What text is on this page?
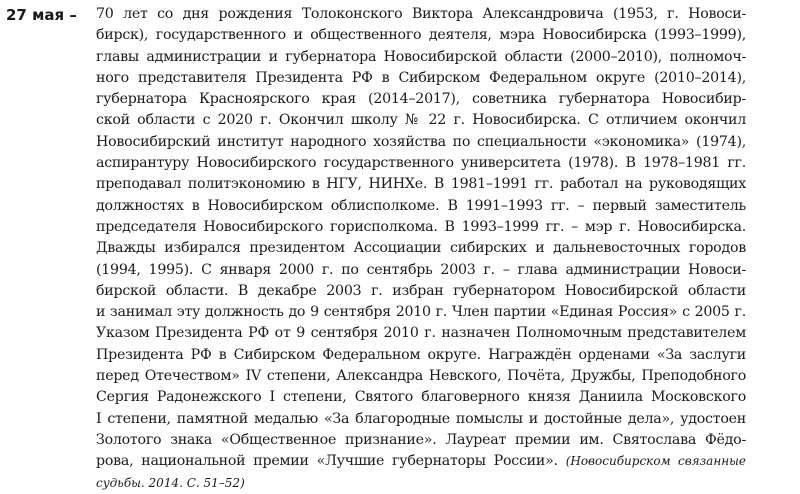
27 мая – 70 лет со дня рождения Толоконского Виктора Александровича (1953, г. Новоси-
бирск), государственного и общественного деятеля, мэра Новосибирска (1993–1999),
главы администрации и губернатора Новосибирской области (2000–2010), полномоч-
ного представителя Президента РФ в Сибирском Федеральном округе (2010–2014),
губернатора Красноярского края (2014–2017), советника губернатора Новосибир-
ской области с 2020 г. Окончил школу № 22 г. Новосибирска. С отличием окончил
Новосибирский институт народного хозяйства по специальности «экономика» (1974),
аспирантуру Новосибирского государственного университета (1978). В 1978–1981 гг.
преподавал политэкономию в НГУ, НИНХе. В 1981–1991 гг. работал на руководящих
должностях в Новосибирском облисполкоме. В 1991–1993 гг. – первый заместитель
председателя Новосибирского горисполкома. В 1993–1999 гг. – мэр г. Новосибирска.
Дважды избирался президентом Ассоциации сибирских и дальневосточных городов
(1994, 1995). С января 2000 г. по сентябрь 2003 г. – глава администрации Новоси-
бирской области. В декабре 2003 г. избран губернатором Новосибирской области
и занимал эту должность до 9 сентября 2010 г. Член партии «Единая Россия» с 2005 г.
Указом Президента РФ от 9 сентября 2010 г. назначен Полномочным представителем
Президента РФ в Сибирском Федеральном округе. Награждён орденами «За заслуги
перед Отечеством» IV степени, Александра Невского, Почёта, Дружбы, Преподобного
Сергия Радонежского I степени, Святого благоверного князя Даниила Московского
I степени, памятной медалью «За благородные помыслы и достойные дела», удостоен
Золотого знака «Общественное признание». Лауреат премии им. Святослава Фёдо-
рова, национальной премии «Лучшие губернаторы России». (Новосибирском связанные
судьбы. 2014. С. 51–52)
